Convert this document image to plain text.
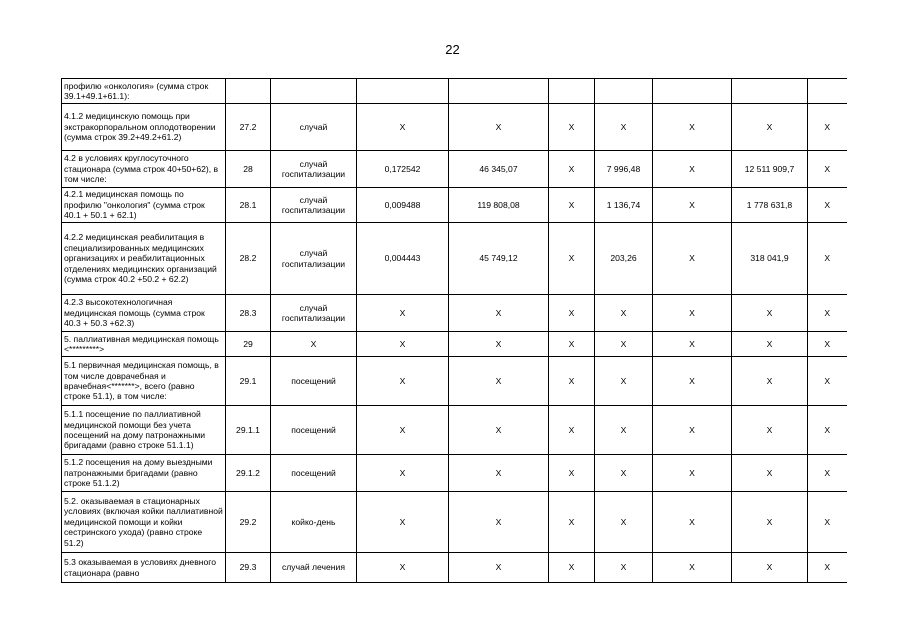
22
профилю «онкология» (сумма строк 39.1+49.1+61.1):									
4.1.2 медицинскую помощь при экстракорпоральном оплодотворении (сумма строк 39.2+49.2+61.2)	27.2	случай	X	X	X	X	X	X	X
4.2 в условиях круглосуточного стационара (сумма строк 40+50+62), в том числе:	28	случай госпитализации	0,172542	46 345,07	X	7 996,48	X	12 511 909,7	X
4.2.1 медицинская помощь по профилю "онкология" (сумма строк 40.1 + 50.1 + 62.1)	28.1	случай госпитализации	0,009488	119 808,08	X	1 136,74	X	1 778 631,8	X
4.2.2 медицинская реабилитация в специализированных медицинских организациях и реабилитационных отделениях медицинских организаций (сумма строк 40.2 +50.2 + 62.2)	28.2	случай госпитализации	0,004443	45 749,12	X	203,26	X	318 041,9	X
4.2.3 высокотехнологичная медицинская помощь (сумма строк 40.3 + 50.3 +62.3)	28.3	случай госпитализации	X	X	X	X	X	X	X
5. паллиативная медицинская помощь <*********>	29	X	X	X	X	X	X	X	X
5.1 первичная медицинская помощь, в том числе доврачебная и врачебная<*******>, всего (равно строке 51.1), в том числе:	29.1	посещений	X	X	X	X	X	X	X
5.1.1 посещение по паллиативной медицинской помощи без учета посещений на дому патронажными бригадами (равно строке 51.1.1)	29.1.1	посещений	X	X	X	X	X	X	X
5.1.2 посещения на дому выездными патронажными бригадами (равно строке 51.1.2)	29.1.2	посещений	X	X	X	X	X	X	X
5.2. оказываемая в стационарных условиях (включая койки паллиативной медицинской помощи и койки сестринского ухода) (равно строке 51.2)	29.2	койко-день	X	X	X	X	X	X	X
5.3 оказываемая в условиях дневного стационара (равно	29.3	случай лечения	X	X	X	X	X	X	X
